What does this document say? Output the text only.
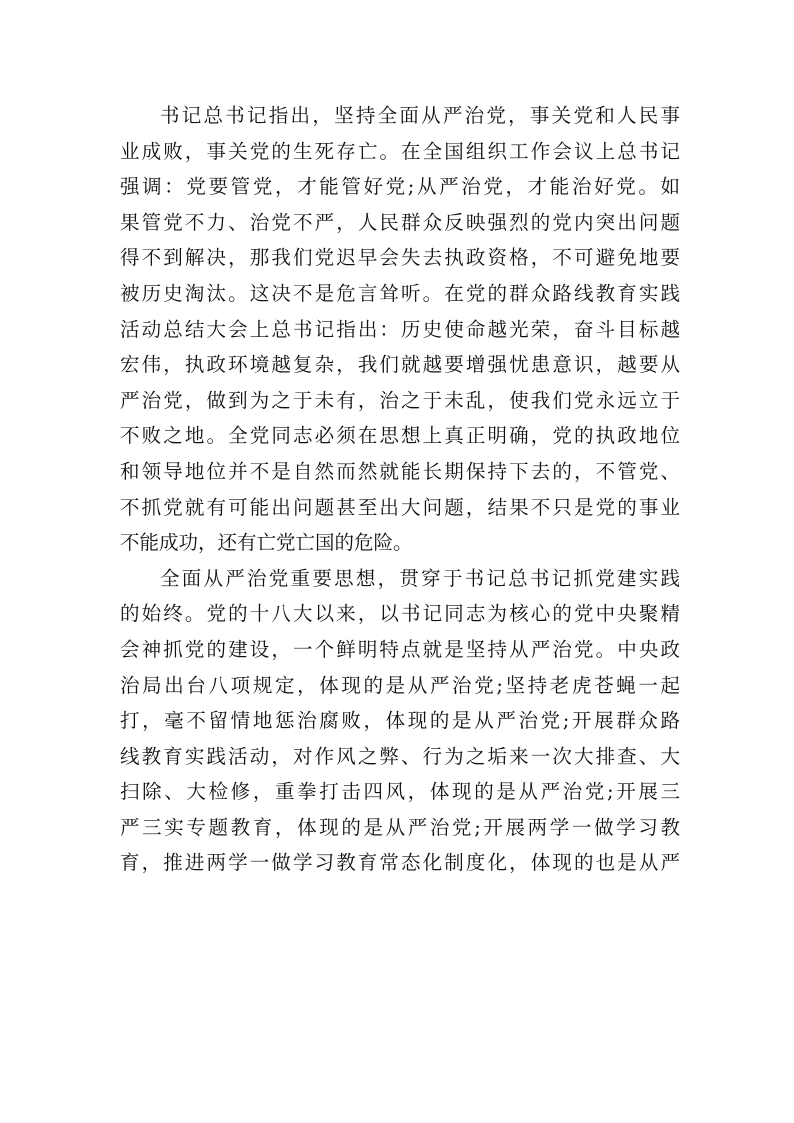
书记总书记指出，坚持全面从严治党，事关党和人民事
业成败，事关党的生死存亡。在全国组织工作会议上总书记
强调：党要管党，才能管好党;从严治党，才能治好党。如
果管党不力、治党不严，人民群众反映强烈的党内突出问题
得不到解决，那我们党迟早会失去执政资格，不可避免地要
被历史淘汰。这决不是危言耸听。在党的群众路线教育实践
活动总结大会上总书记指出：历史使命越光荣，奋斗目标越
宏伟，执政环境越复杂，我们就越要增强忧患意识，越要从
严治党，做到为之于未有，治之于未乱，使我们党永远立于
不败之地。全党同志必须在思想上真正明确，党的执政地位
和领导地位并不是自然而然就能长期保持下去的，不管党、
不抓党就有可能出问题甚至出大问题，结果不只是党的事业
不能成功，还有亡党亡国的危险。
全面从严治党重要思想，贯穿于书记总书记抓党建实践
的始终。党的十八大以来，以书记同志为核心的党中央聚精
会神抓党的建设，一个鲜明特点就是坚持从严治党。中央政
治局出台八项规定，体现的是从严治党;坚持老虎苍蝇一起
打，毫不留情地惩治腐败，体现的是从严治党;开展群众路
线教育实践活动，对作风之弊、行为之垢来一次大排查、大
扫除、大检修，重拳打击四风，体现的是从严治党;开展三
严三实专题教育，体现的是从严治党;开展两学一做学习教
育，推进两学一做学习教育常态化制度化，体现的也是从严
